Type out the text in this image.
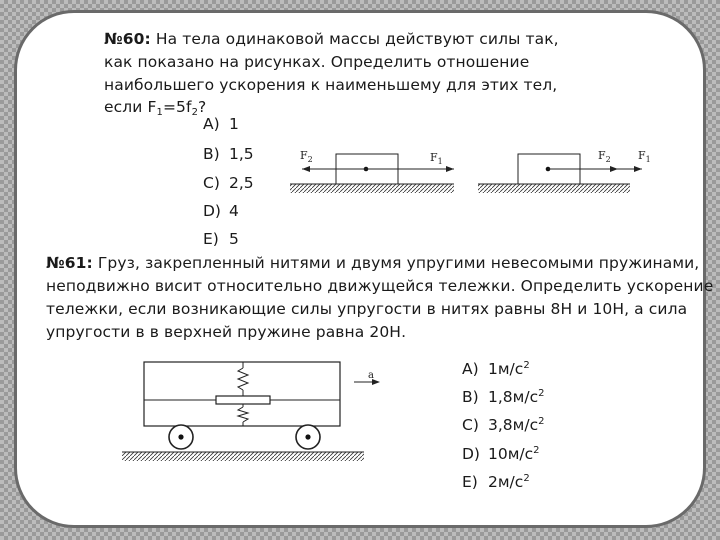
№60: На тела одинаковой массы действуют силы так,
как показано на рисунках. Определить отношение
наибольшего ускорения к наименьшему для этих тел,
если $F_1=5f_2$?
A) 1
B) 1,5
C) 2,5
D) 4
E) 5
$F_2$	$F_1$	$F_2$ $F_1$
№61: Груз, закрепленный нитями и двумя упругими невесомыми пружинами,
неподвижно висит относительно движущейся тележки. Определить ускорение
тележки, если возникающие силы упругости в нитях равны 8Н и 10Н, а сила
упругости в в верхней пружине равна 20Н.
A) $1м/с^2$
B) $1,8м/с^2$
C) $3,8м/с^2$
D) $10м/с^2$
E) $2м/с^2$
a
